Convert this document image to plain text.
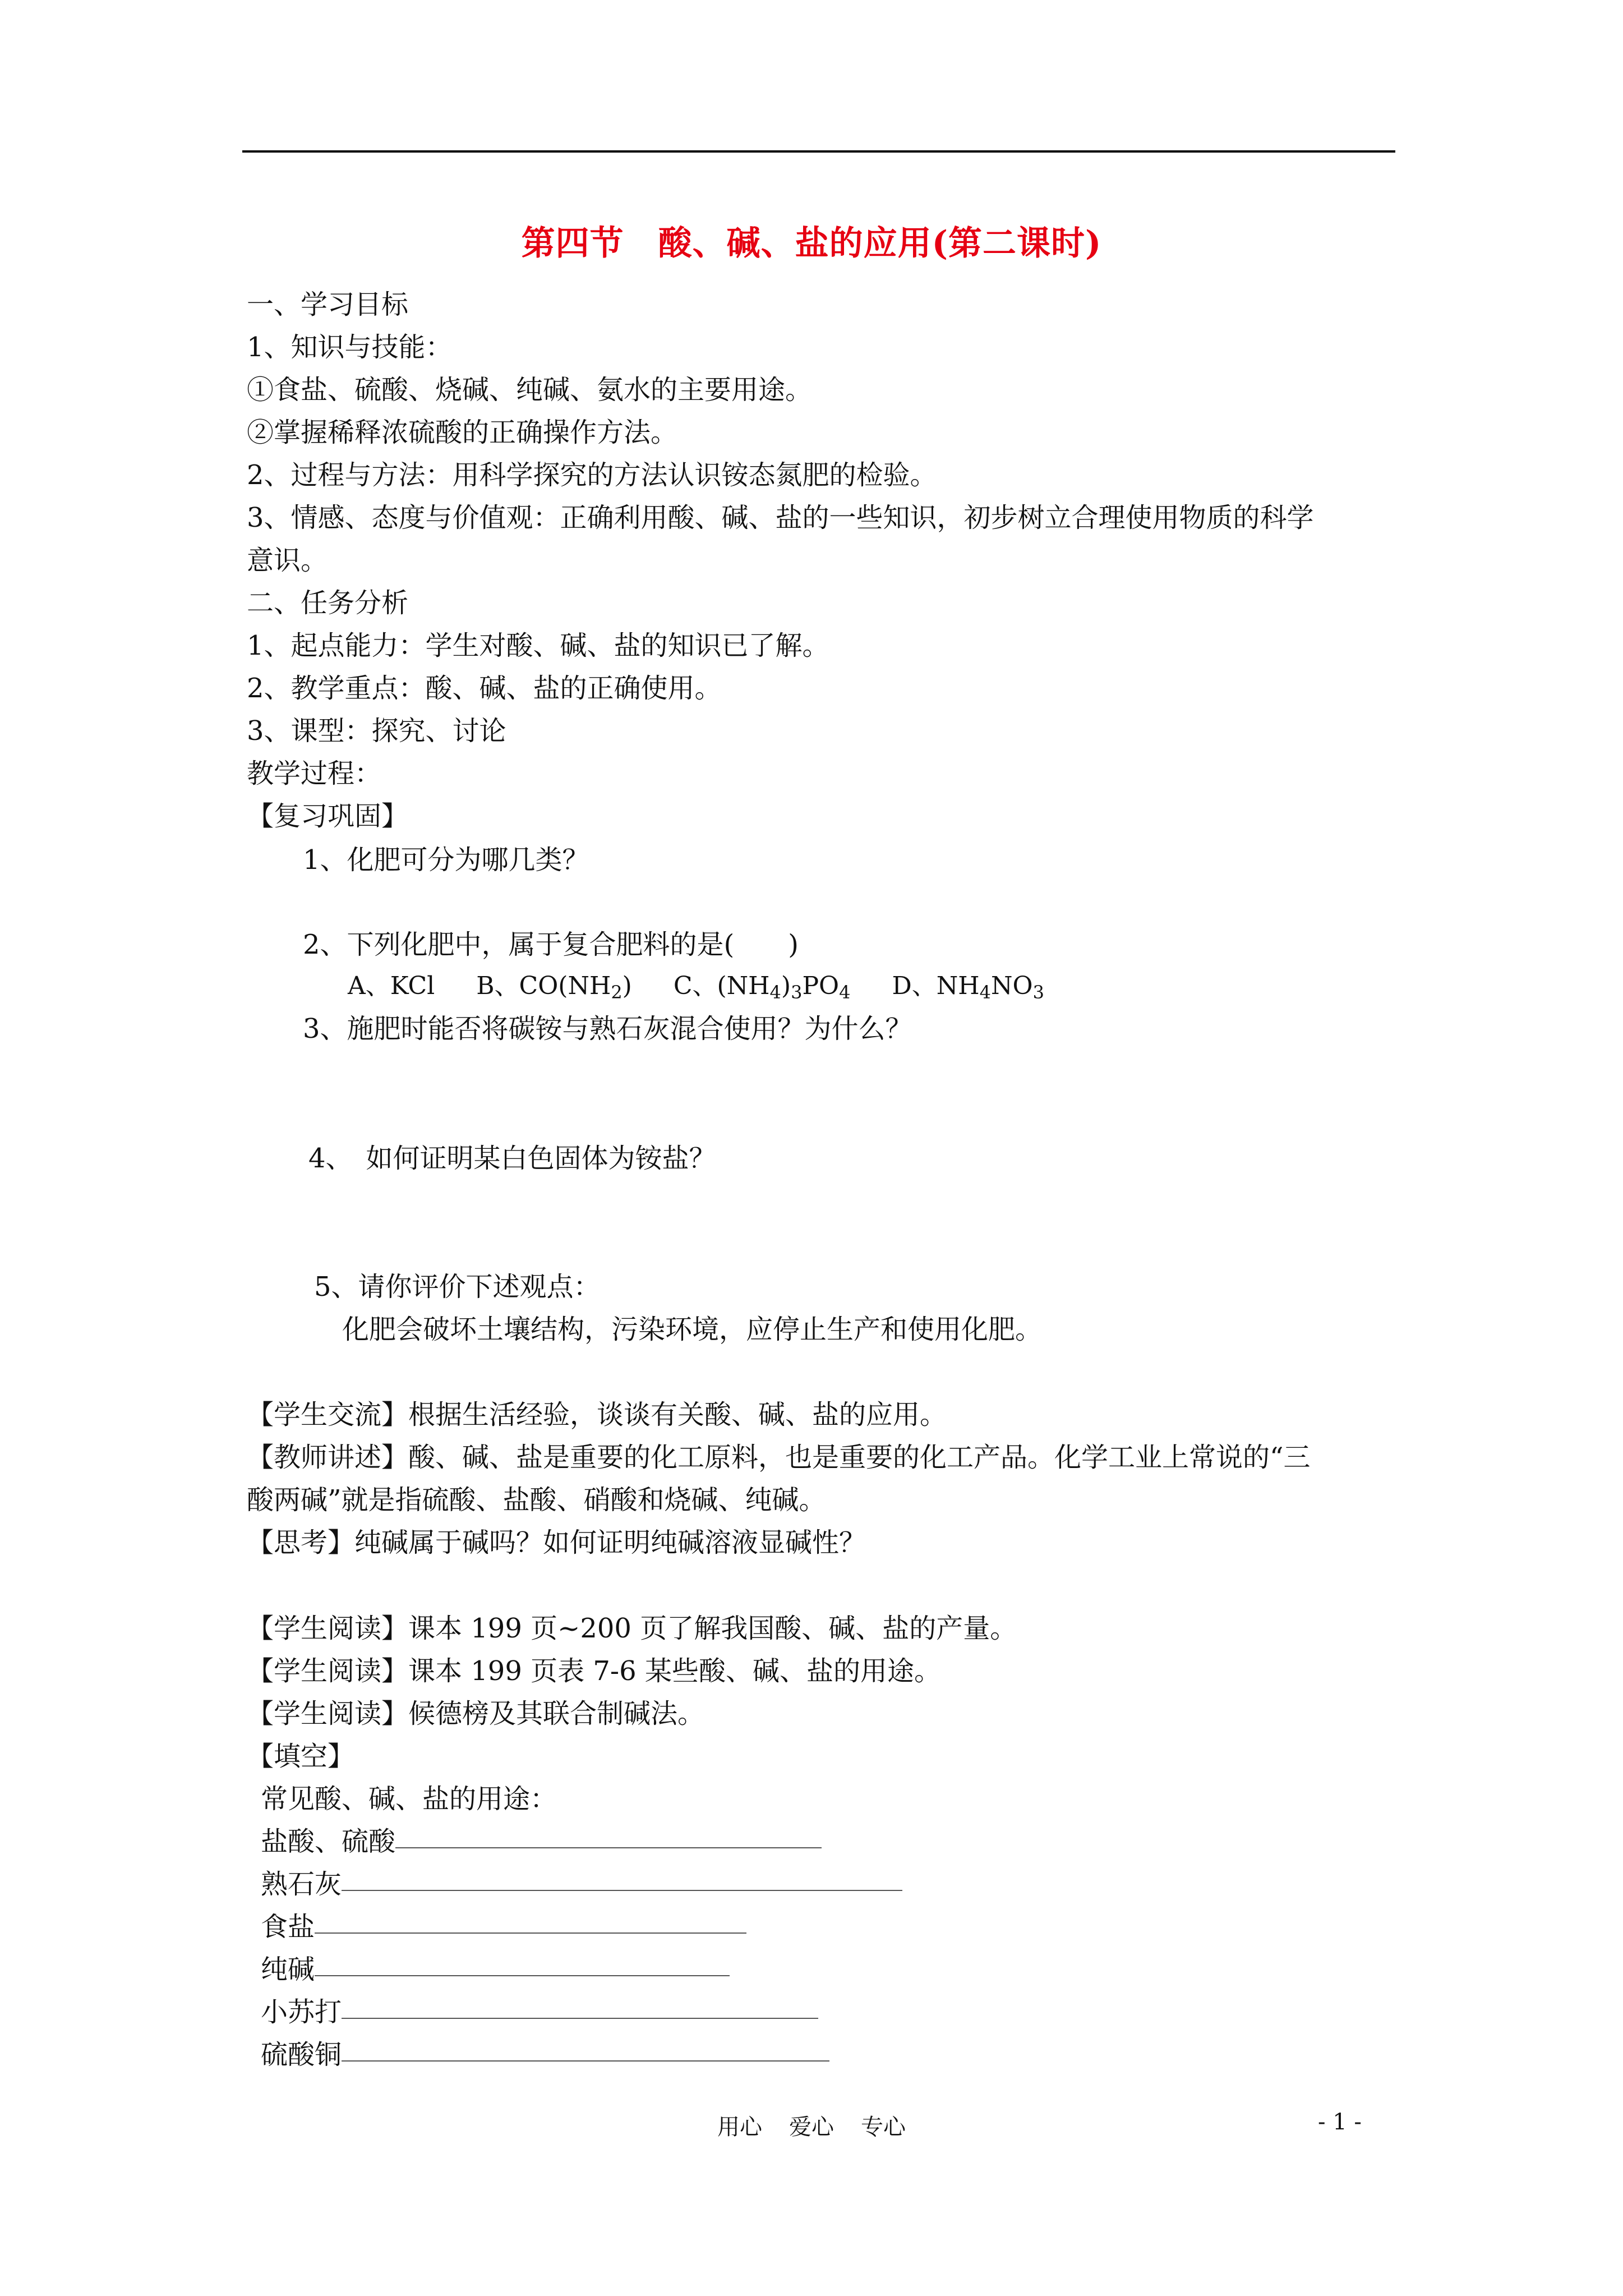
第四节　酸、碱、盐的应用(第二课时)
一、学习目标
1、知识与技能：
①食盐、硫酸、烧碱、纯碱、氨水的主要用途。
②掌握稀释浓硫酸的正确操作方法。
2、过程与方法：用科学探究的方法认识铵态氮肥的检验。
3、情感、态度与价值观：正确利用酸、碱、盐的一些知识，初步树立合理使用物质的科学
意识。
二、任务分析
1、起点能力：学生对酸、碱、盐的知识已了解。
2、教学重点：酸、碱、盐的正确使用。
3、课型：探究、讨论
教学过程：
【复习巩固】
1、化肥可分为哪几类？
2、下列化肥中，属于复合肥料的是(　　)
A、KCl B、$CO(NH_2)$ C、$(NH_4)_3PO_4$ D、$NH_4NO_3$
3、施肥时能否将碳铵与熟石灰混合使用？为什么？
4、　如何证明某白色固体为铵盐？
5、请你评价下述观点：
化肥会破坏土壤结构，污染环境，应停止生产和使用化肥。
【学生交流】根据生活经验，谈谈有关酸、碱、盐的应用。
【教师讲述】酸、碱、盐是重要的化工原料，也是重要的化工产品。化学工业上常说的“三
酸两碱”就是指硫酸、盐酸、硝酸和烧碱、纯碱。
【思考】纯碱属于碱吗？如何证明纯碱溶液显碱性？
【学生阅读】课本 199 页~200 页了解我国酸、碱、盐的产量。
【学生阅读】课本 199 页表 7-6 某些酸、碱、盐的用途。
【学生阅读】候德榜及其联合制碱法。
【填空】
常见酸、碱、盐的用途：
盐酸、硫酸
熟石灰
食盐
纯碱
小苏打
硫酸铜
用心 爱心 专心	- 1 -
